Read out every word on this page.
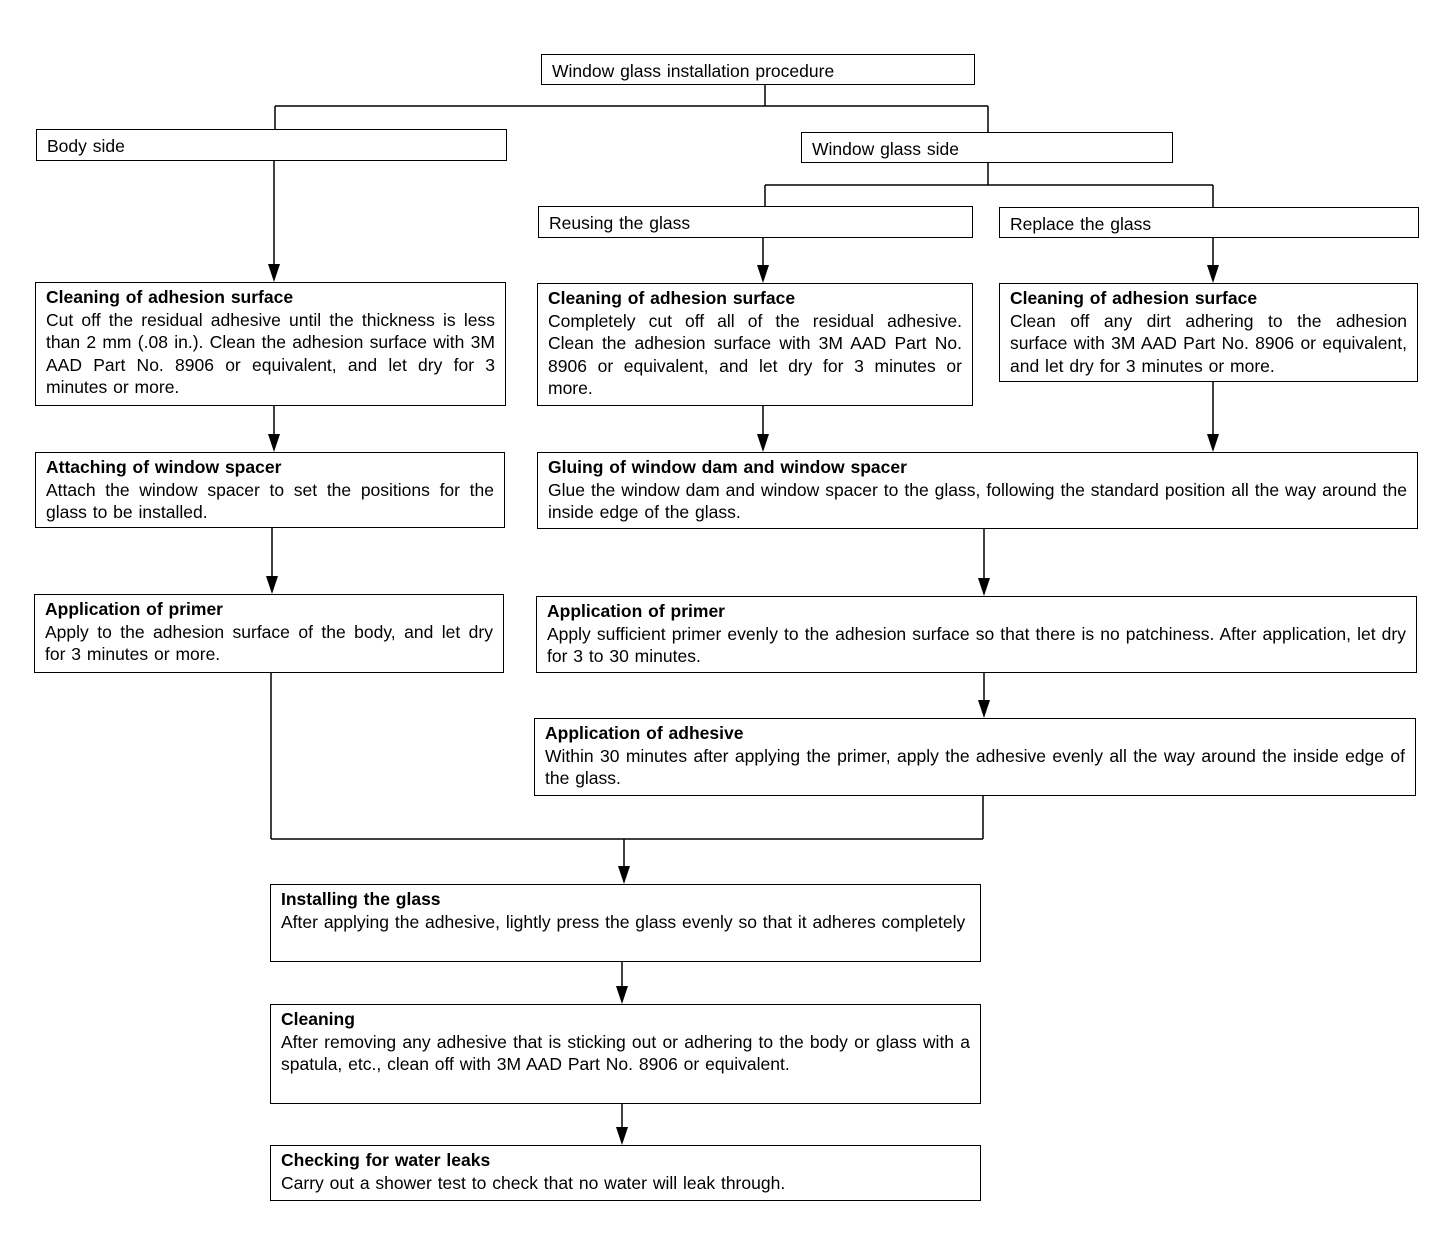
Window glass installation procedure
Body side	Window glass side
Reusing the glass	Replace the glass
Cleaning of adhesion surface
Cut off the residual adhesive until the thickness is less than 2 mm (.08 in.). Clean the adhesion surface with 3M AAD Part No. 8906 or equivalent, and let dry for 3 minutes or more.
Cleaning of adhesion surface
Completely cut off all of the residual adhesive. Clean the adhesion surface with 3M AAD Part No. 8906 or equivalent, and let dry for 3 minutes or more.
Cleaning of adhesion surface
Clean off any dirt adhering to the adhesion surface with 3M AAD Part No. 8906 or equivalent, and let dry for 3 minutes or more.
Attaching of window spacer
Attach the window spacer to set the positions for the glass to be installed.
Gluing of window dam and window spacer
Glue the window dam and window spacer to the glass, following the standard position all the way around the inside edge of the glass.
Application of primer
Apply to the adhesion surface of the body, and let dry for 3 minutes or more.
Application of primer
Apply sufficient primer evenly to the adhesion surface so that there is no patchiness. After application, let dry for 3 to 30 minutes.
Application of adhesive
Within 30 minutes after applying the primer, apply the adhesive evenly all the way around the inside edge of the glass.
Installing the glass
After applying the adhesive, lightly press the glass evenly so that it adheres completely
Cleaning
After removing any adhesive that is sticking out or adhering to the body or glass with a spatula, etc., clean off with 3M AAD Part No. 8906 or equivalent.
Checking for water leaks
Carry out a shower test to check that no water will leak through.
